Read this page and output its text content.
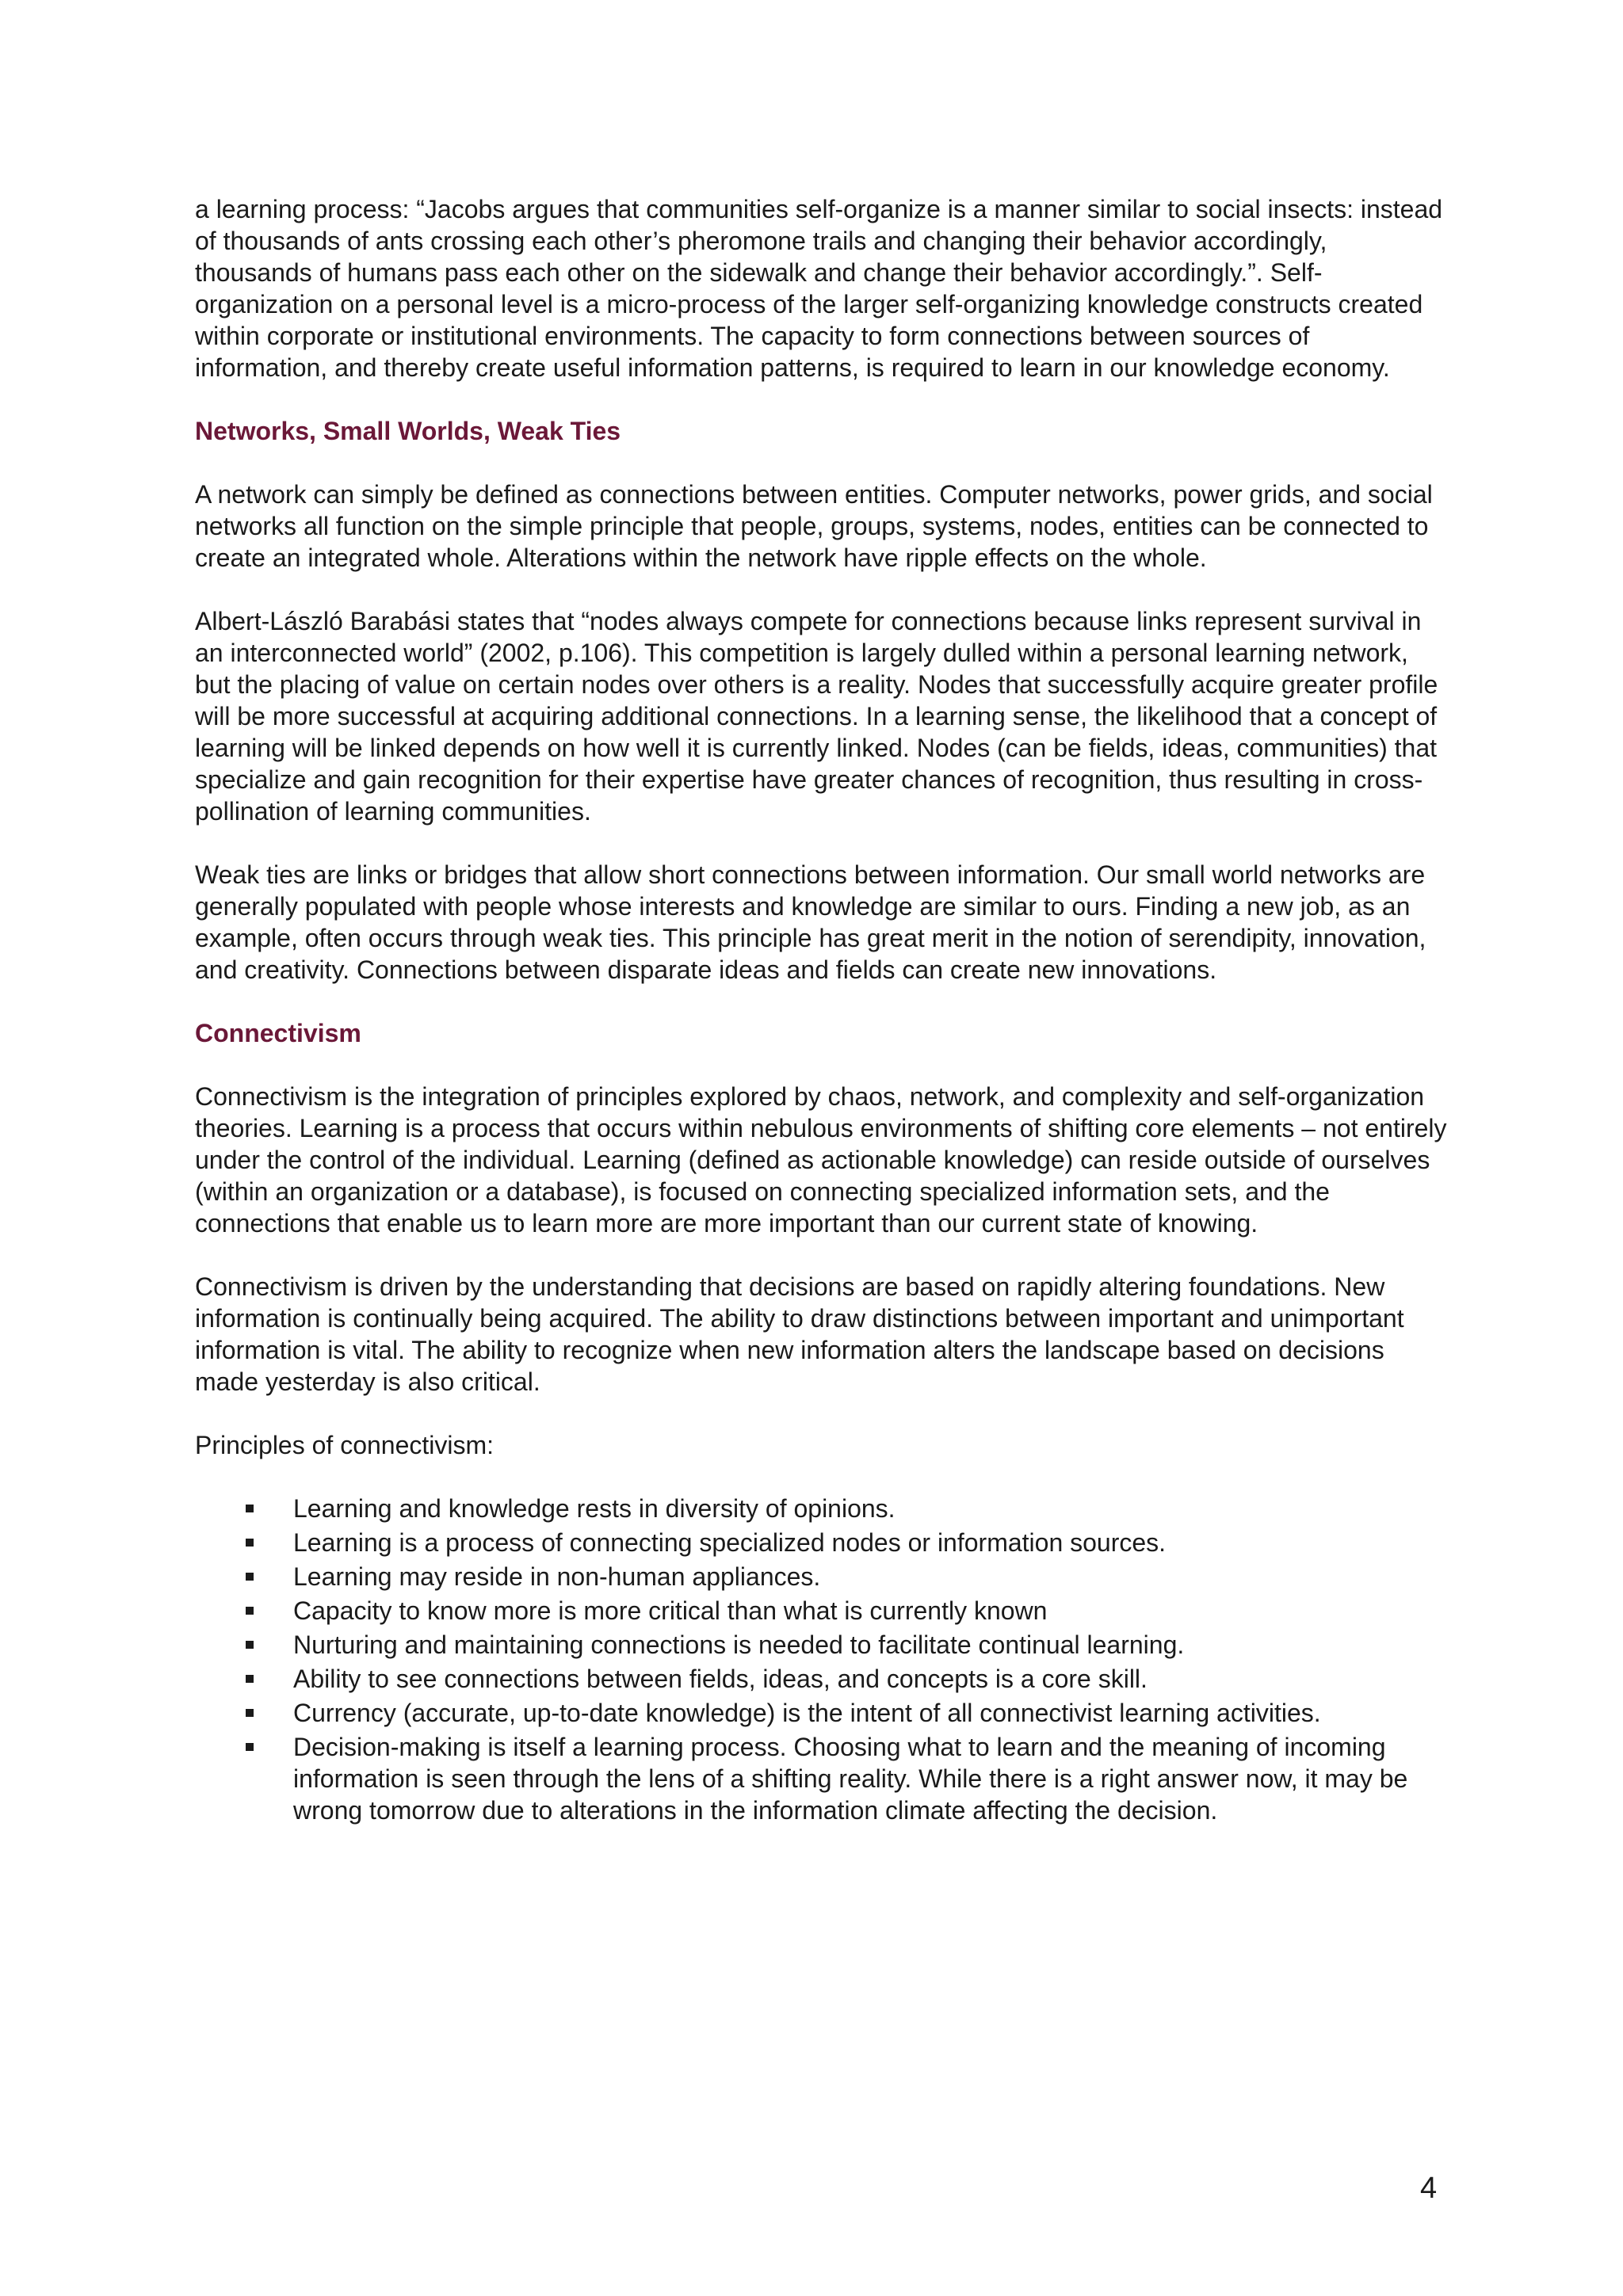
a learning process: “Jacobs argues that communities self-organize is a manner similar to social insects: instead of thousands of ants crossing each other’s pheromone trails and changing their behavior accordingly, thousands of humans pass each other on the sidewalk and change their behavior accordingly.”. Self-organization on a personal level is a micro-process of the larger self-organizing knowledge constructs created within corporate or institutional environments. The capacity to form connections between sources of information, and thereby create useful information patterns, is required to learn in our knowledge economy.

Networks, Small Worlds, Weak Ties

A network can simply be defined as connections between entities. Computer networks, power grids, and social networks all function on the simple principle that people, groups, systems, nodes, entities can be connected to create an integrated whole. Alterations within the network have ripple effects on the whole.

Albert-László Barabási states that “nodes always compete for connections because links represent survival in an interconnected world” (2002, p.106). This competition is largely dulled within a personal learning network, but the placing of value on certain nodes over others is a reality. Nodes that successfully acquire greater profile will be more successful at acquiring additional connections. In a learning sense, the likelihood that a concept of learning will be linked depends on how well it is currently linked. Nodes (can be fields, ideas, communities) that specialize and gain recognition for their expertise have greater chances of recognition, thus resulting in cross-pollination of learning communities.

Weak ties are links or bridges that allow short connections between information. Our small world networks are generally populated with people whose interests and knowledge are similar to ours. Finding a new job, as an example, often occurs through weak ties. This principle has great merit in the notion of serendipity, innovation, and creativity. Connections between disparate ideas and fields can create new innovations.

Connectivism

Connectivism is the integration of principles explored by chaos, network, and complexity and self-organization theories. Learning is a process that occurs within nebulous environments of shifting core elements – not entirely under the control of the individual. Learning (defined as actionable knowledge) can reside outside of ourselves (within an organization or a database), is focused on connecting specialized information sets, and the connections that enable us to learn more are more important than our current state of knowing.

Connectivism is driven by the understanding that decisions are based on rapidly altering foundations. New information is continually being acquired. The ability to draw distinctions between important and unimportant information is vital. The ability to recognize when new information alters the landscape based on decisions made yesterday is also critical.

Principles of connectivism:

Learning and knowledge rests in diversity of opinions.
Learning is a process of connecting specialized nodes or information sources.
Learning may reside in non-human appliances.
Capacity to know more is more critical than what is currently known
Nurturing and maintaining connections is needed to facilitate continual learning.
Ability to see connections between fields, ideas, and concepts is a core skill.
Currency (accurate, up-to-date knowledge) is the intent of all connectivist learning activities.
Decision-making is itself a learning process. Choosing what to learn and the meaning of incoming information is seen through the lens of a shifting reality. While there is a right answer now, it may be wrong tomorrow due to alterations in the information climate affecting the decision.
4
